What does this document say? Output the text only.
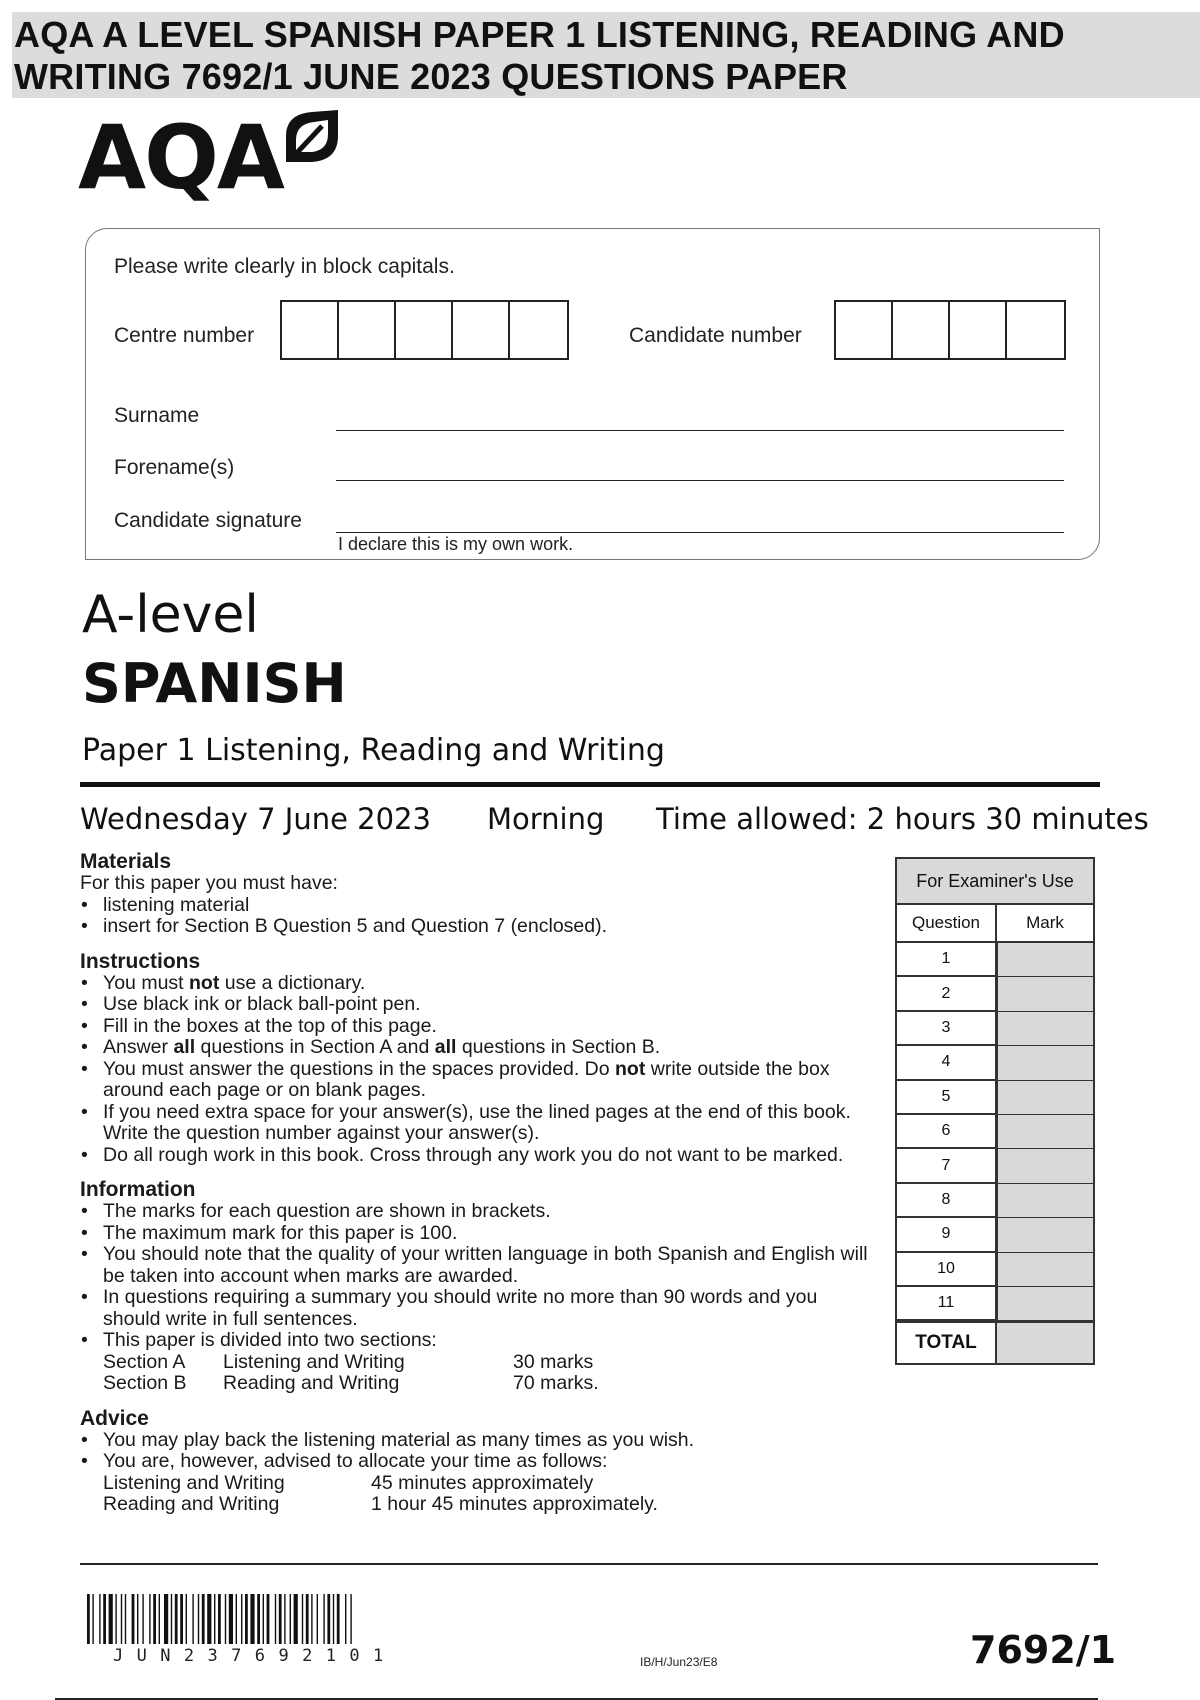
AQA A LEVEL SPANISH PAPER 1 LISTENING, READING AND
WRITING 7692/1 JUNE 2023 QUESTIONS PAPER
AQA
Please write clearly in block capitals.
Centre number	Candidate number
Surname
Forename(s)
Candidate signature
I declare this is my own work.
A-level
SPANISH
Paper 1 Listening, Reading and Writing
Wednesday 7 June 2023 Morning Time allowed: 2 hours 30 minutes
Materials
For this paper you must have:
• listening material
• insert for Section B Question 5 and Question 7 (enclosed).
Instructions
• You must not use a dictionary.
• Use black ink or black ball-point pen.
• Fill in the boxes at the top of this page.
• Answer all questions in Section A and all questions in Section B.
• You must answer the questions in the spaces provided. Do not write outside the box around each page or on blank pages.
• If you need extra space for your answer(s), use the lined pages at the end of this book. Write the question number against your answer(s).
• Do all rough work in this book. Cross through any work you do not want to be marked.
Information
• The marks for each question are shown in brackets.
• The maximum mark for this paper is 100.
• You should note that the quality of your written language in both Spanish and English will be taken into account when marks are awarded.
• In questions requiring a summary you should write no more than 90 words and you should write in full sentences.
• This paper is divided into two sections:
Section A	Listening and Writing	30 marks
Section B	Reading and Writing	70 marks.
Advice
• You may play back the listening material as many times as you wish.
• You are, however, advised to allocate your time as follows:
Listening and Writing	45 minutes approximately
Reading and Writing	1 hour 45 minutes approximately.
For Examiner's Use
Question	Mark
1
2
3
4
5
6
7
8
9
10
11
TOTAL
JUN237692101	IB/H/Jun23/E8	7692/1
